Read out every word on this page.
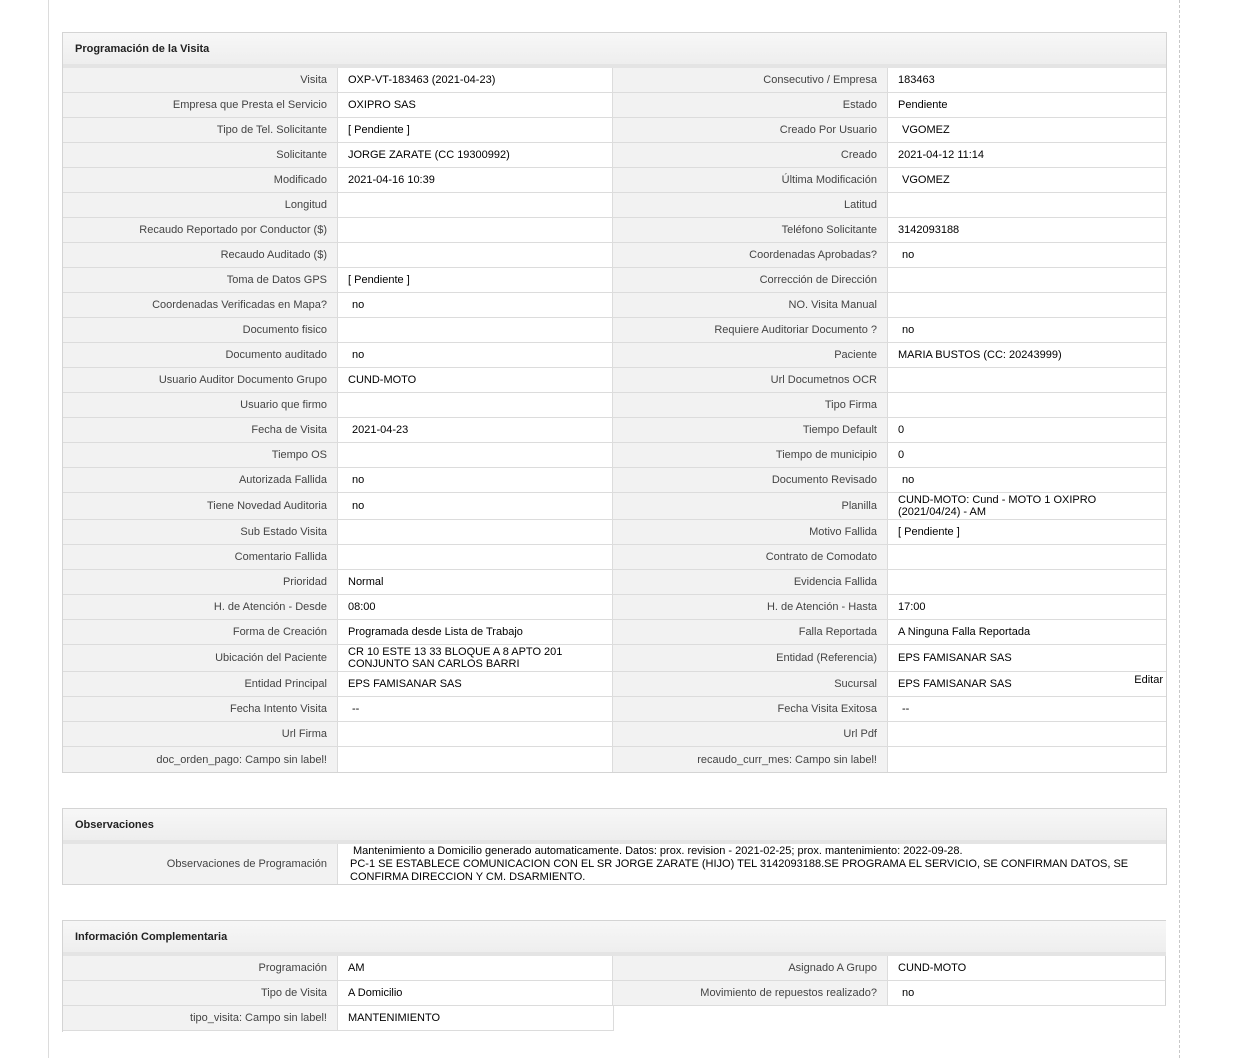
Programación de la Visita
Visita OXP-VT-183463 (2021-04-23)	Consecutivo / Empresa 183463
Empresa que Presta el Servicio OXIPRO SAS	Estado Pendiente
Tipo de Tel. Solicitante [ Pendiente ]	Creado Por Usuario VGOMEZ
Solicitante JORGE ZARATE (CC 19300992)	Creado 2021-04-12 11:14
Modificado 2021-04-16 10:39	Última Modificación VGOMEZ
Longitud	Latitud
Recaudo Reportado por Conductor ($)	Teléfono Solicitante 3142093188
Recaudo Auditado ($)	Coordenadas Aprobadas? no
Toma de Datos GPS [ Pendiente ]	Corrección de Dirección
Coordenadas Verificadas en Mapa? no	NO. Visita Manual
Documento fisico	Requiere Auditoriar Documento ? no
Documento auditado no	Paciente MARIA BUSTOS (CC: 20243999)
Usuario Auditor Documento Grupo CUND-MOTO	Url Documetnos OCR
Usuario que firmo	Tipo Firma
Fecha de Visita 2021-04-23	Tiempo Default 0
Tiempo OS	Tiempo de municipio 0
Autorizada Fallida no	Documento Revisado no
Tiene Novedad Auditoria no	Planilla CUND-MOTO: Cund - MOTO 1 OXIPRO (2021/04/24) - AM
Sub Estado Visita	Motivo Fallida [ Pendiente ]
Comentario Fallida	Contrato de Comodato
Prioridad Normal	Evidencia Fallida
H. de Atención - Desde 08:00	H. de Atención - Hasta 17:00
Forma de Creación Programada desde Lista de Trabajo	Falla Reportada A Ninguna Falla Reportada
Ubicación del Paciente CR 10 ESTE 13 33 BLOQUE A 8 APTO 201 CONJUNTO SAN CARLOS BARRI	Entidad (Referencia) EPS FAMISANAR SAS
Entidad Principal EPS FAMISANAR SAS	Sucursal EPS FAMISANAR SAS	Editar
Fecha Intento Visita --	Fecha Visita Exitosa --
Url Firma	Url Pdf
doc_orden_pago: Campo sin label!	recaudo_curr_mes: Campo sin label!
Observaciones
Observaciones de Programación
Mantenimiento a Domicilio generado automaticamente. Datos: prox. revision - 2021-02-25; prox. mantenimiento: 2022-09-28.
PC-1 SE ESTABLECE COMUNICACION CON EL SR JORGE ZARATE (HIJO) TEL 3142093188.SE PROGRAMA EL SERVICIO, SE CONFIRMAN DATOS, SE CONFIRMA DIRECCION Y CM. DSARMIENTO.
Información Complementaria
Programación AM	Asignado A Grupo CUND-MOTO
Tipo de Visita A Domicilio	Movimiento de repuestos realizado? no
tipo_visita: Campo sin label! MANTENIMIENTO
